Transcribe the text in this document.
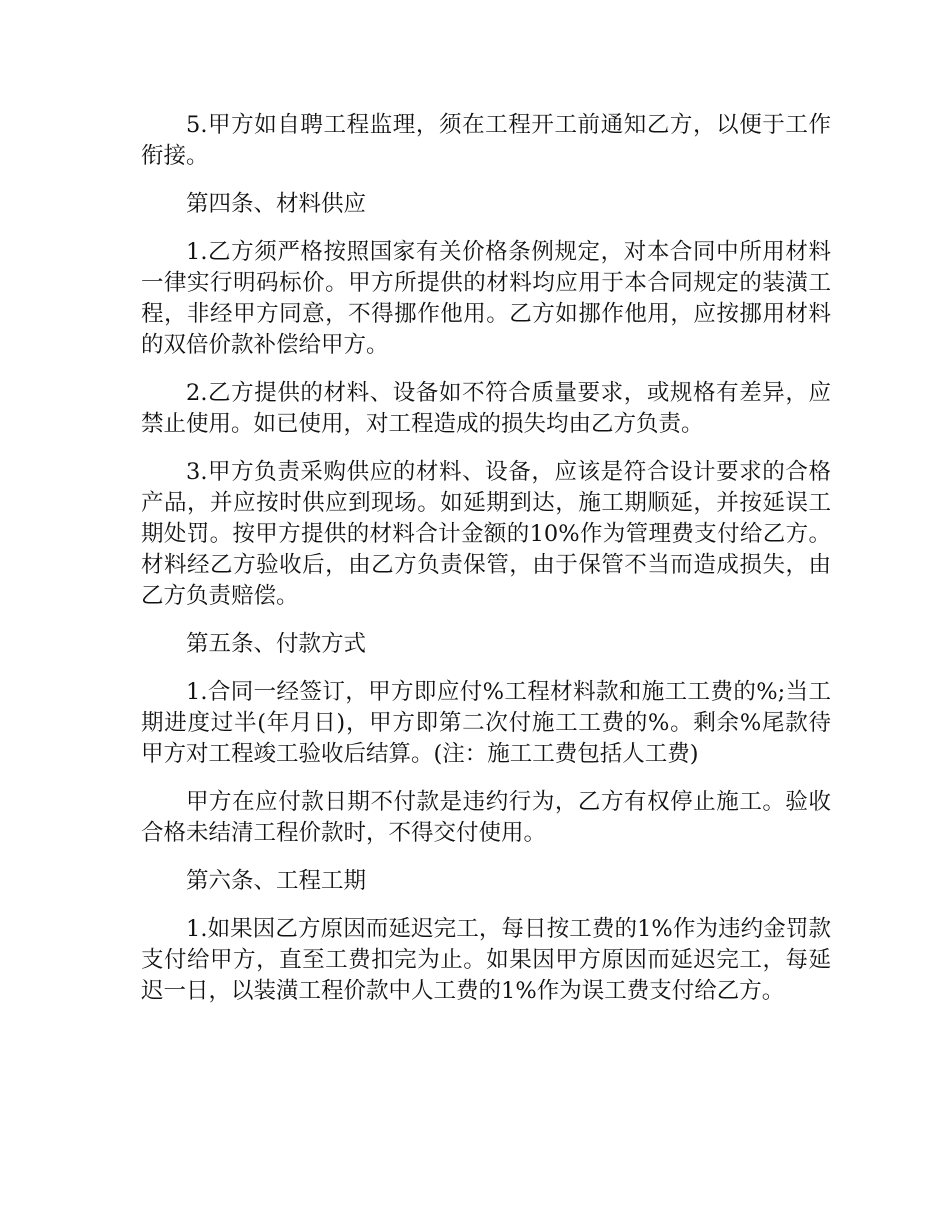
5.甲方如自聘工程监理，须在工程开工前通知乙方，以便于工作衔接。

第四条、材料供应

1.乙方须严格按照国家有关价格条例规定，对本合同中所用材料一律实行明码标价。甲方所提供的材料均应用于本合同规定的装潢工程，非经甲方同意，不得挪作他用。乙方如挪作他用，应按挪用材料的双倍价款补偿给甲方。

2.乙方提供的材料、设备如不符合质量要求，或规格有差异，应禁止使用。如已使用，对工程造成的损失均由乙方负责。

3.甲方负责采购供应的材料、设备，应该是符合设计要求的合格产品，并应按时供应到现场。如延期到达，施工期顺延，并按延误工期处罚。按甲方提供的材料合计金额的10%作为管理费支付给乙方。材料经乙方验收后，由乙方负责保管，由于保管不当而造成损失，由乙方负责赔偿。

第五条、付款方式

1.合同一经签订，甲方即应付%工程材料款和施工工费的%;当工期进度过半(年月日)，甲方即第二次付施工工费的%。剩余%尾款待甲方对工程竣工验收后结算。(注：施工工费包括人工费)

甲方在应付款日期不付款是违约行为，乙方有权停止施工。验收合格未结清工程价款时，不得交付使用。

第六条、工程工期

1.如果因乙方原因而延迟完工，每日按工费的1%作为违约金罚款支付给甲方，直至工费扣完为止。如果因甲方原因而延迟完工，每延迟一日，以装潢工程价款中人工费的1%作为误工费支付给乙方。
